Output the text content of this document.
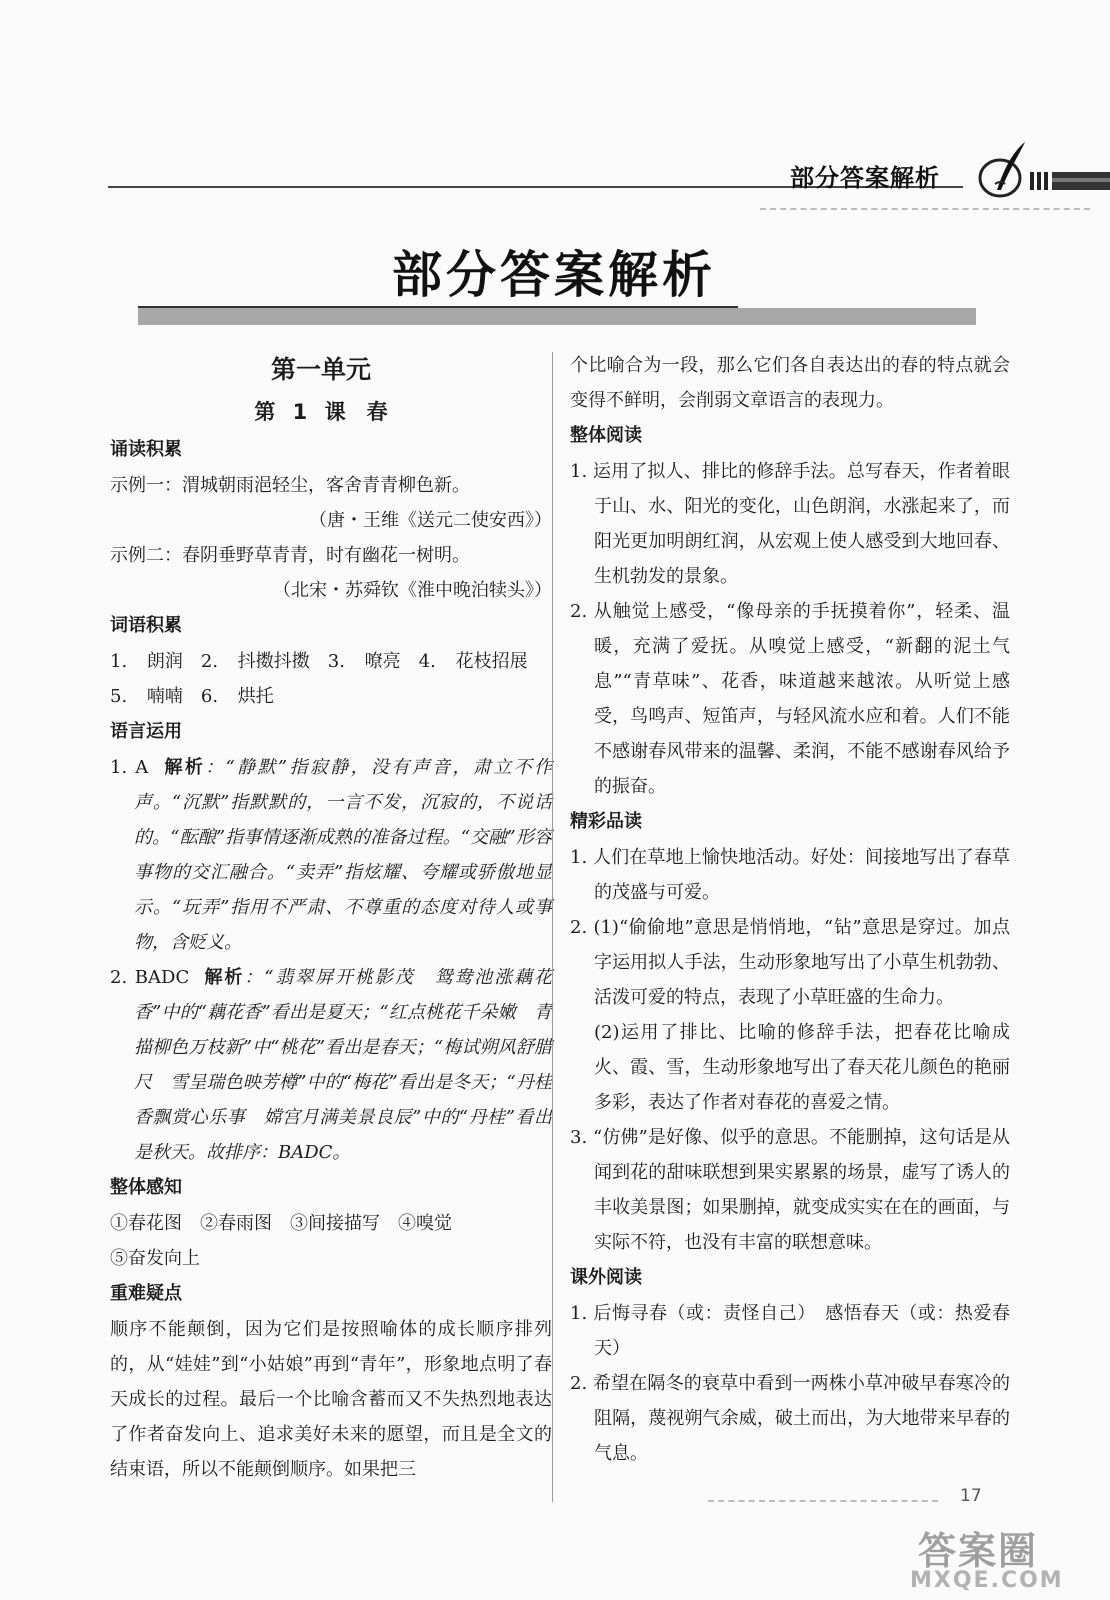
部分答案解析
部分答案解析
第一单元
第 1 课　春
诵读积累

示例一：渭城朝雨浥轻尘，客舍青青柳色新。

（唐・王维《送元二使安西》）

示例二：春阴垂野草青青，时有幽花一树明。

（北宋・苏舜钦《淮中晚泊犊头》）

词语积累

1. 朗润　2. 抖擞抖擞　3. 嘹亮　4. 花枝招展

5. 喃喃　6. 烘托

语言运用

1. A 解析：“静默”指寂静，没有声音，肃立不作声。“沉默”指默默的，一言不发，沉寂的，不说话的。“酝酿”指事情逐渐成熟的准备过程。“交融”形容事物的交汇融合。“卖弄”指炫耀、夸耀或骄傲地显示。“玩弄”指用不严肃、不尊重的态度对待人或事物，含贬义。

2. BADC 解析：“翡翠屏开桃影茂　鸳鸯池涨藕花香”中的“藕花香”看出是夏天；“红点桃花千朵嫩　青描柳色万枝新”中“桃花”看出是春天；“梅试朔风舒腊尺　雪呈瑞色映芳樽”中的“梅花”看出是冬天；“丹桂香飘赏心乐事　嫦宫月满美景良辰”中的“丹桂”看出是秋天。故排序：BADC。

整体感知

①春花图　②春雨图　③间接描写　④嗅觉

⑤奋发向上

重难疑点

顺序不能颠倒，因为它们是按照喻体的成长顺序排列的，从“娃娃”到“小姑娘”再到“青年”，形象地点明了春天成长的过程。最后一个比喻含蓄而又不失热烈地表达了作者奋发向上、追求美好未来的愿望，而且是全文的结束语，所以不能颠倒顺序。如果把三

个比喻合为一段，那么它们各自表达出的春的特点就会变得不鲜明，会削弱文章语言的表现力。

整体阅读

1. 运用了拟人、排比的修辞手法。总写春天，作者着眼于山、水、阳光的变化，山色朗润，水涨起来了，而阳光更加明朗红润，从宏观上使人感受到大地回春、生机勃发的景象。

2. 从触觉上感受，“像母亲的手抚摸着你”，轻柔、温暖，充满了爱抚。从嗅觉上感受，“新翻的泥土气息”“青草味”、花香，味道越来越浓。从听觉上感受，鸟鸣声、短笛声，与轻风流水应和着。人们不能不感谢春风带来的温馨、柔润，不能不感谢春风给予的振奋。

精彩品读

1. 人们在草地上愉快地活动。好处：间接地写出了春草的茂盛与可爱。

2. (1)“偷偷地”意思是悄悄地，“钻”意思是穿过。加点字运用拟人手法，生动形象地写出了小草生机勃勃、活泼可爱的特点，表现了小草旺盛的生命力。

(2)运用了排比、比喻的修辞手法，把春花比喻成火、霞、雪，生动形象地写出了春天花儿颜色的艳丽多彩，表达了作者对春花的喜爱之情。

3. “仿佛”是好像、似乎的意思。不能删掉，这句话是从闻到花的甜味联想到果实累累的场景，虚写了诱人的丰收美景图；如果删掉，就变成实实在在的画面，与实际不符，也没有丰富的联想意味。

课外阅读

1. 后悔寻春（或：责怪自己）　感悟春天（或：热爱春天）

2. 希望在隔冬的衰草中看到一两株小草冲破早春寒冷的阻隔，蔑视朔气余威，破土而出，为大地带来早春的气息。

17
答案圈
MXQE.COM
